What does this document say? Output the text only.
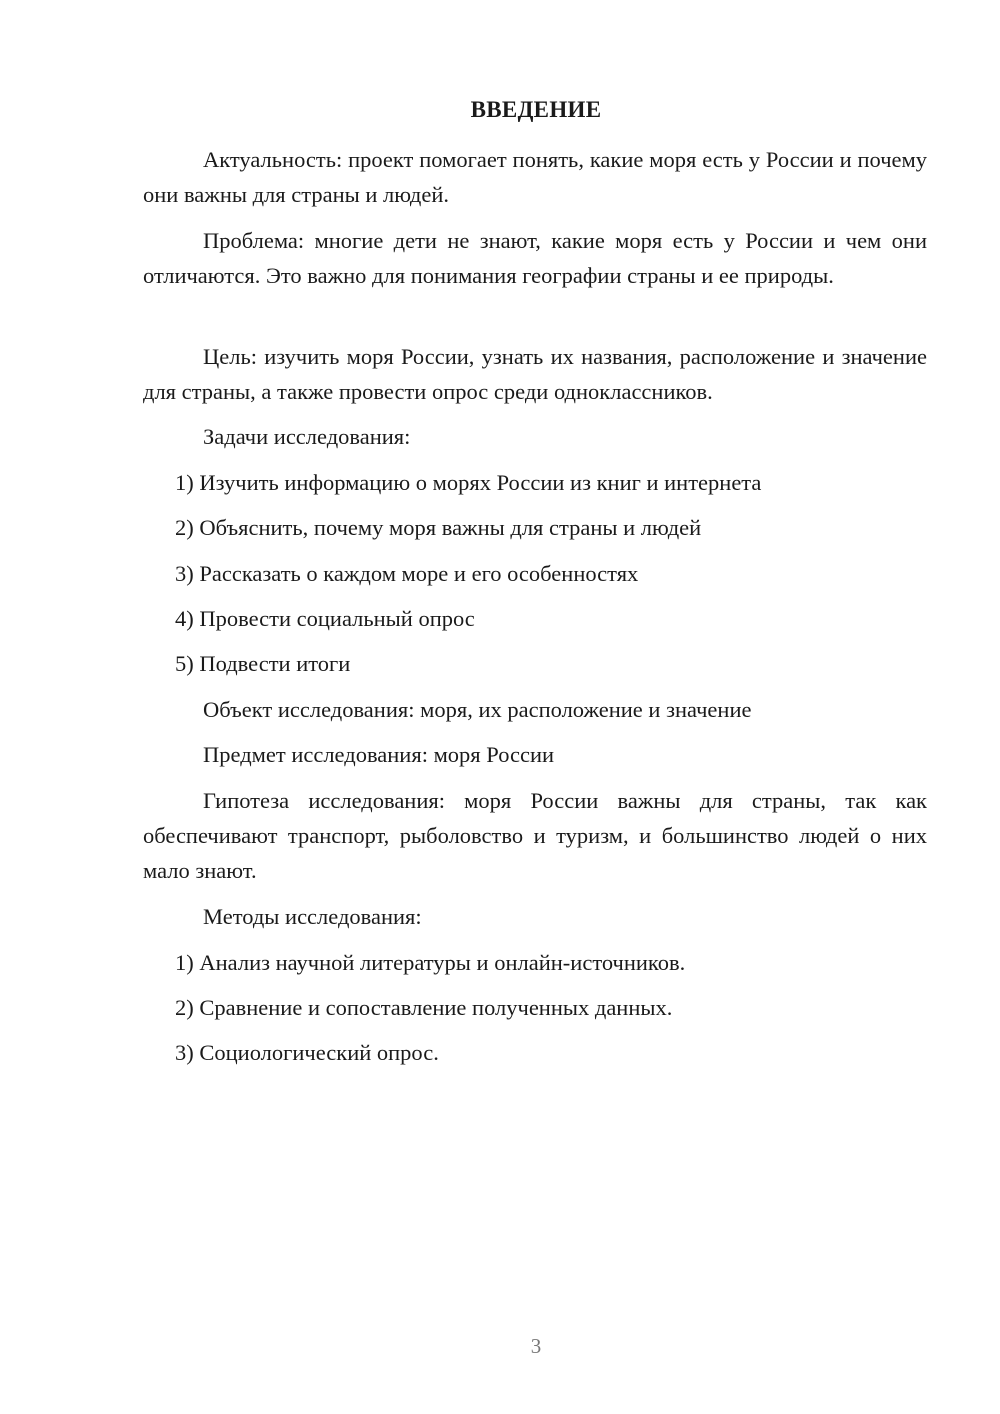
ВВЕДЕНИЕ

Актуальность: проект помогает понять, какие моря есть у России и почему они важны для страны и людей.

Проблема: многие дети не знают, какие моря есть у России и чем они отличаются. Это важно для понимания географии страны и ее природы.

Цель: изучить моря России, узнать их названия, расположение и значение для страны, а также провести опрос среди одноклассников.

Задачи исследования:

1) Изучить информацию о морях России из книг и интернета

2) Объяснить, почему моря важны для страны и людей

3) Рассказать о каждом море и его особенностях

4) Провести социальный опрос

5) Подвести итоги

Объект исследования: моря, их расположение и значение

Предмет исследования: моря России

Гипотеза исследования: моря России важны для страны, так как обеспечивают транспорт, рыболовство и туризм, и большинство людей о них мало знают.

Методы исследования:

1) Анализ научной литературы и онлайн-источников.

2) Сравнение и сопоставление полученных данных.

3) Социологический опрос.

3
